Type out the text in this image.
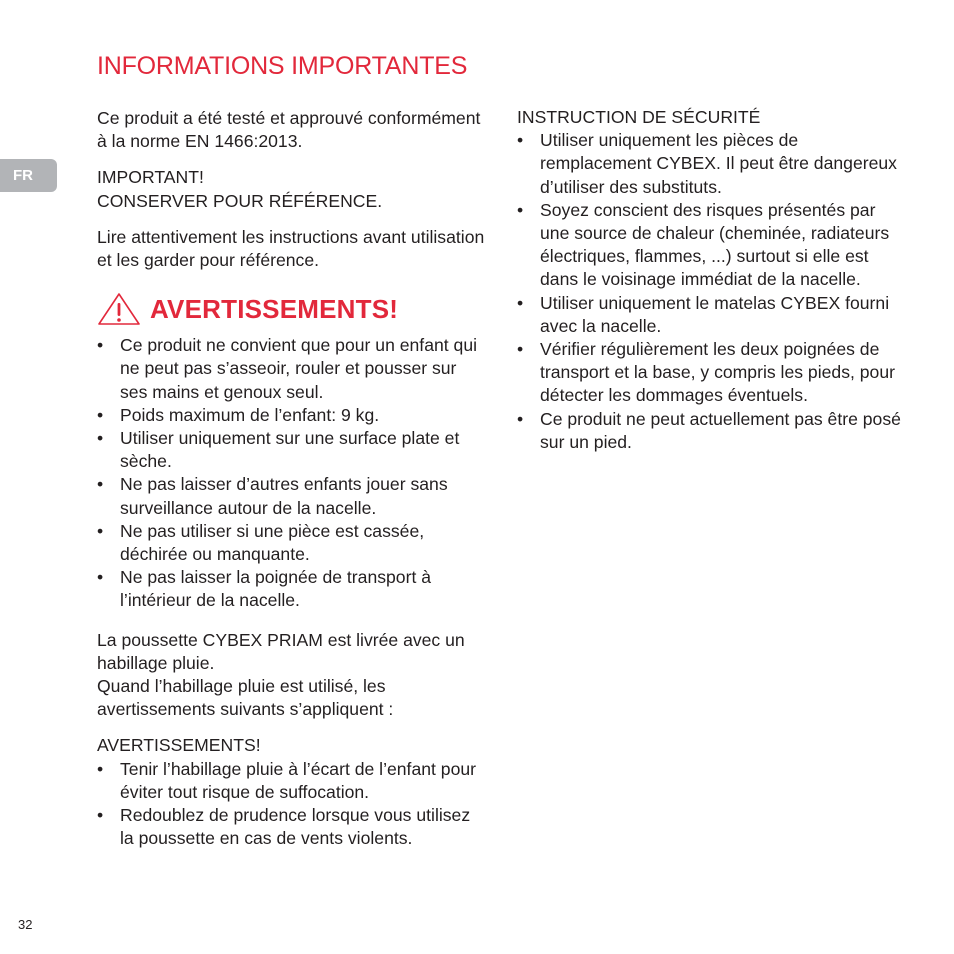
INFORMATIONS IMPORTANTES
FR

Ce produit a été testé et approuvé conformément à la norme EN 1466:2013.

IMPORTANT!

CONSERVER POUR RÉFÉRENCE.

Lire attentivement les instructions avant utilisation et les garder pour référence.

AVERTISSEMENTS!
• Ce produit ne convient que pour un enfant qui ne peut pas s’asseoir, rouler et pousser sur ses mains et genoux seul.
• Poids maximum de l’enfant: 9 kg.
• Utiliser uniquement sur une surface plate et sèche.
• Ne pas laisser d’autres enfants jouer sans surveillance autour de la nacelle.
• Ne pas utiliser si une pièce est cassée, déchirée ou manquante.
• Ne pas laisser la poignée de transport à l’intérieur de la nacelle.

La poussette CYBEX PRIAM est livrée avec un habillage pluie.

Quand l’habillage pluie est utilisé, les avertissements suivants s’appliquent :

AVERTISSEMENTS!

• Tenir l’habillage pluie à l’écart de l’enfant pour éviter tout risque de suffocation.
• Redoublez de prudence lorsque vous utilisez la poussette en cas de vents violents.

INSTRUCTION DE SÉCURITÉ

• Utiliser uniquement les pièces de remplacement CYBEX. Il peut être dangereux d’utiliser des substituts.
• Soyez conscient des risques présentés par une source de chaleur (cheminée, radiateurs électriques, flammes, ...) surtout si elle est dans le voisinage immédiat de la nacelle.
• Utiliser uniquement le matelas CYBEX fourni avec la nacelle.
• Vérifier régulièrement les deux poignées de transport et la base, y compris les pieds, pour détecter les dommages éventuels.
• Ce produit ne peut actuellement pas être posé sur un pied.
32
